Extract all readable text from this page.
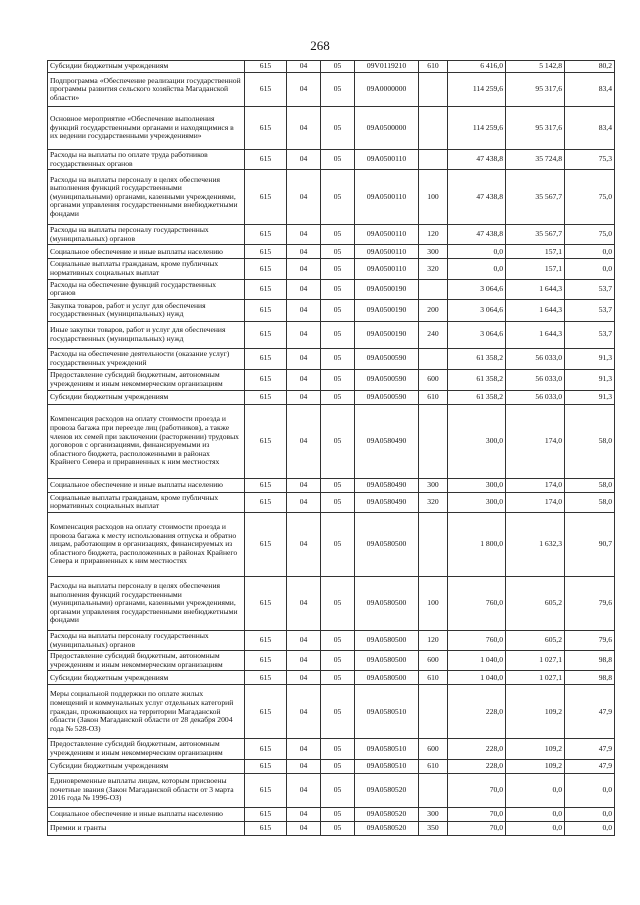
268
Субсидии бюджетным учреждениям	615	04	05	09V0119210	610	6 416,0	5 142,8	80,2
Подпрограмма «Обеспечение реализации государственной программы развития сельского хозяйства Магаданской области»	615	04	05	09А0000000		114 259,6	95 317,6	83,4
Основное мероприятие «Обеспечение выполнения функций государственными органами и находящимися в их ведении государственными учреждениями»	615	04	05	09А0500000		114 259,6	95 317,6	83,4
Расходы на выплаты по оплате труда работников государственных органов	615	04	05	09А0500110		47 438,8	35 724,8	75,3
Расходы на выплаты персоналу в целях обеспечения выполнения функций государственными (муниципальными) органами, казенными учреждениями, органами управления государственными внебюджетными фондами	615	04	05	09А0500110	100	47 438,8	35 567,7	75,0
Расходы на выплаты персоналу государственных (муниципальных) органов	615	04	05	09А0500110	120	47 438,8	35 567,7	75,0
Социальное обеспечение и иные выплаты населению	615	04	05	09А0500110	300	0,0	157,1	0,0
Социальные выплаты гражданам, кроме публичных нормативных социальных выплат	615	04	05	09А0500110	320	0,0	157,1	0,0
Расходы на обеспечение функций государственных органов	615	04	05	09А0500190		3 064,6	1 644,3	53,7
Закупка товаров, работ и услуг для обеспечения государственных (муниципальных) нужд	615	04	05	09А0500190	200	3 064,6	1 644,3	53,7
Иные закупки товаров, работ и услуг для обеспечения государственных (муниципальных) нужд	615	04	05	09А0500190	240	3 064,6	1 644,3	53,7
Расходы на обеспечение деятельности (оказание услуг) государственных учреждений	615	04	05	09А0500590		61 358,2	56 033,0	91,3
Предоставление субсидий бюджетным, автономным учреждениям и иным некоммерческим организациям	615	04	05	09А0500590	600	61 358,2	56 033,0	91,3
Субсидии бюджетным учреждениям	615	04	05	09А0500590	610	61 358,2	56 033,0	91,3
Компенсация расходов на оплату стоимости проезда и провоза багажа при переезде лиц (работников), а также членов их семей при заключении (расторжении) трудовых договоров с организациями, финансируемыми из областного бюджета, расположенными в районах Крайнего Севера и приравненных к ним местностях	615	04	05	09А0580490		300,0	174,0	58,0
Социальное обеспечение и иные выплаты населению	615	04	05	09А0580490	300	300,0	174,0	58,0
Социальные выплаты гражданам, кроме публичных нормативных социальных выплат	615	04	05	09А0580490	320	300,0	174,0	58,0
Компенсация расходов на оплату стоимости проезда и провоза багажа к месту использования отпуска и обратно лицам, работающим в организациях, финансируемых из областного бюджета, расположенных в районах Крайнего Севера и приравненных к ним местностях	615	04	05	09А0580500		1 800,0	1 632,3	90,7
Расходы на выплаты персоналу в целях обеспечения выполнения функций государственными (муниципальными) органами, казенными учреждениями, органами управления государственными внебюджетными фондами	615	04	05	09А0580500	100	760,0	605,2	79,6
Расходы на выплаты персоналу государственных (муниципальных) органов	615	04	05	09А0580500	120	760,0	605,2	79,6
Предоставление субсидий бюджетным, автономным учреждениям и иным некоммерческим организациям	615	04	05	09А0580500	600	1 040,0	1 027,1	98,8
Субсидии бюджетным учреждениям	615	04	05	09А0580500	610	1 040,0	1 027,1	98,8
Меры социальной поддержки по оплате жилых помещений и коммунальных услуг отдельных категорий граждан, проживающих на территории Магаданской области (Закон Магаданской области от 28 декабря 2004 года № 528-ОЗ)	615	04	05	09А0580510		228,0	109,2	47,9
Предоставление субсидий бюджетным, автономным учреждениям и иным некоммерческим организациям	615	04	05	09А0580510	600	228,0	109,2	47,9
Субсидии бюджетным учреждениям	615	04	05	09А0580510	610	228,0	109,2	47,9
Единовременные выплаты лицам, которым присвоены почетные звания (Закон Магаданской области от 3 марта 2016 года № 1996-ОЗ)	615	04	05	09А0580520		70,0	0,0	0,0
Социальное обеспечение и иные выплаты населению	615	04	05	09А0580520	300	70,0	0,0	0,0
Премии и гранты	615	04	05	09А0580520	350	70,0	0,0	0,0
